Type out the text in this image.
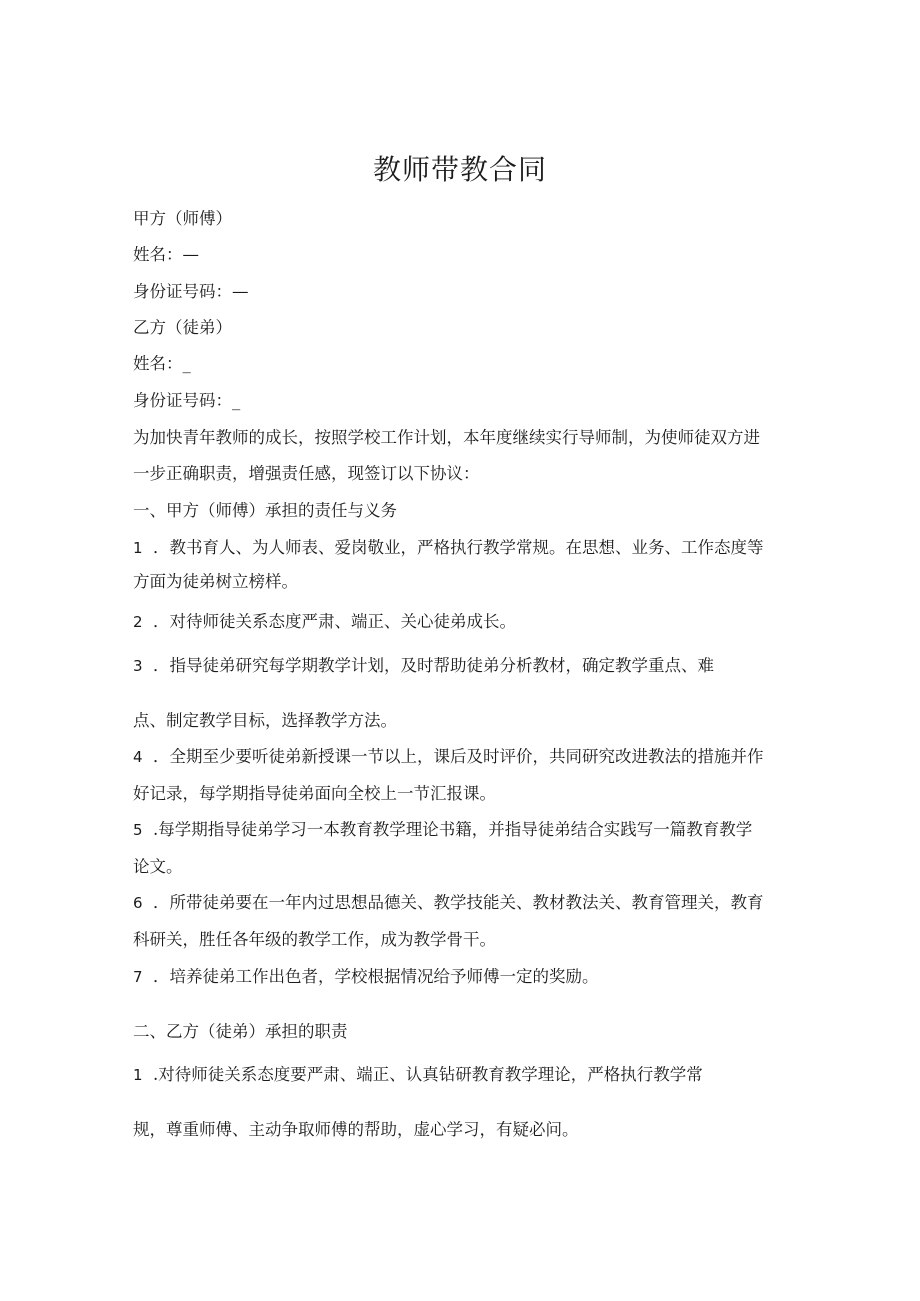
教师带教合同

甲方（师傅）

姓名：—

身份证号码：—

乙方（徒弟）

姓名：_

身份证号码：_

为加快青年教师的成长，按照学校工作计划，本年度继续实行导师制，为使师徒双方进

一步正确职责，增强责任感，现签订以下协议：

一、甲方（师傅）承担的责任与义务

1 ．教书育人、为人师表、爱岗敬业，严格执行教学常规。在思想、业务、工作态度等

方面为徒弟树立榜样。

2 ．对待师徒关系态度严肃、端正、关心徒弟成长。

3 ．指导徒弟研究每学期教学计划，及时帮助徒弟分析教材，确定教学重点、难

点、制定教学目标，选择教学方法。

4 ．全期至少要听徒弟新授课一节以上，课后及时评价，共同研究改进教法的措施并作

好记录，每学期指导徒弟面向全校上一节汇报课。

5 .每学期指导徒弟学习一本教育教学理论书籍，并指导徒弟结合实践写一篇教育教学

论文。

6 ．所带徒弟要在一年内过思想品德关、教学技能关、教材教法关、教育管理关，教育

科研关，胜任各年级的教学工作，成为教学骨干。

7 ．培养徒弟工作出色者，学校根据情况给予师傅一定的奖励。

二、乙方（徒弟）承担的职责

1 .对待师徒关系态度要严肃、端正、认真钻研教育教学理论，严格执行教学常

规，尊重师傅、主动争取师傅的帮助，虚心学习，有疑必问。
